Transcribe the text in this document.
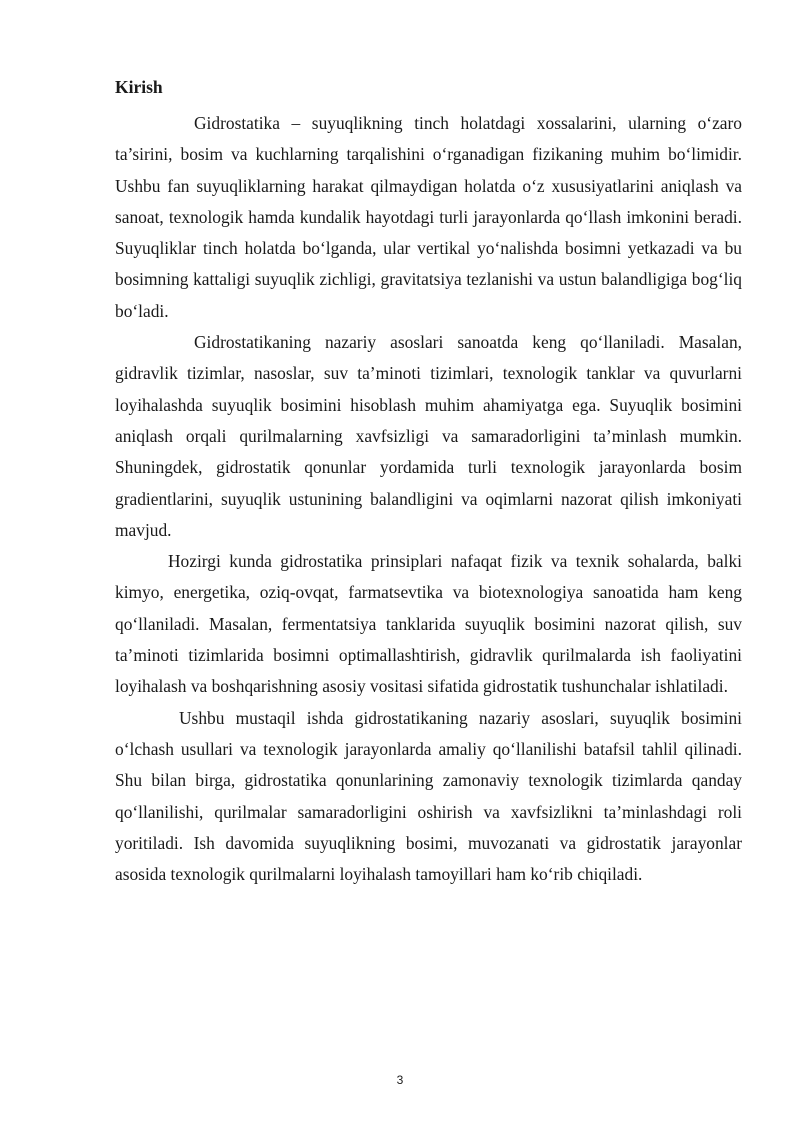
Kirish

Gidrostatika – suyuqlikning tinch holatdagi xossalarini, ularning o‘zaro ta’sirini, bosim va kuchlarning tarqalishini o‘rganadigan fizikaning muhim bo‘limidir. Ushbu fan suyuqliklarning harakat qilmaydigan holatda o‘z xususiyatlarini aniqlash va sanoat, texnologik hamda kundalik hayotdagi turli jarayonlarda qo‘llash imkonini beradi. Suyuqliklar tinch holatda bo‘lganda, ular vertikal yo‘nalishda bosimni yetkazadi va bu bosimning kattaligi suyuqlik zichligi, gravitatsiya tezlanishi va ustun balandligiga bog‘liq bo‘ladi.

Gidrostatikaning nazariy asoslari sanoatda keng qo‘llaniladi. Masalan, gidravlik tizimlar, nasoslar, suv ta’minoti tizimlari, texnologik tanklar va quvurlarni loyihalashda suyuqlik bosimini hisoblash muhim ahamiyatga ega. Suyuqlik bosimini aniqlash orqali qurilmalarning xavfsizligi va samaradorligini ta’minlash mumkin. Shuningdek, gidrostatik qonunlar yordamida turli texnologik jarayonlarda bosim gradientlarini, suyuqlik ustunining balandligini va oqimlarni nazorat qilish imkoniyati mavjud.

Hozirgi kunda gidrostatika prinsiplari nafaqat fizik va texnik sohalarda, balki kimyo, energetika, oziq-ovqat, farmatsevtika va biotexnologiya sanoatida ham keng qo‘llaniladi. Masalan, fermentatsiya tanklarida suyuqlik bosimini nazorat qilish, suv ta’minoti tizimlarida bosimni optimallashtirish, gidravlik qurilmalarda ish faoliyatini loyihalash va boshqarishning asosiy vositasi sifatida gidrostatik tushunchalar ishlatiladi.

Ushbu mustaqil ishda gidrostatikaning nazariy asoslari, suyuqlik bosimini o‘lchash usullari va texnologik jarayonlarda amaliy qo‘llanilishi batafsil tahlil qilinadi. Shu bilan birga, gidrostatika qonunlarining zamonaviy texnologik tizimlarda qanday qo‘llanilishi, qurilmalar samaradorligini oshirish va xavfsizlikni ta’minlashdagi roli yoritiladi. Ish davomida suyuqlikning bosimi, muvozanati va gidrostatik jarayonlar asosida texnologik qurilmalarni loyihalash tamoyillari ham ko‘rib chiqiladi.

3
